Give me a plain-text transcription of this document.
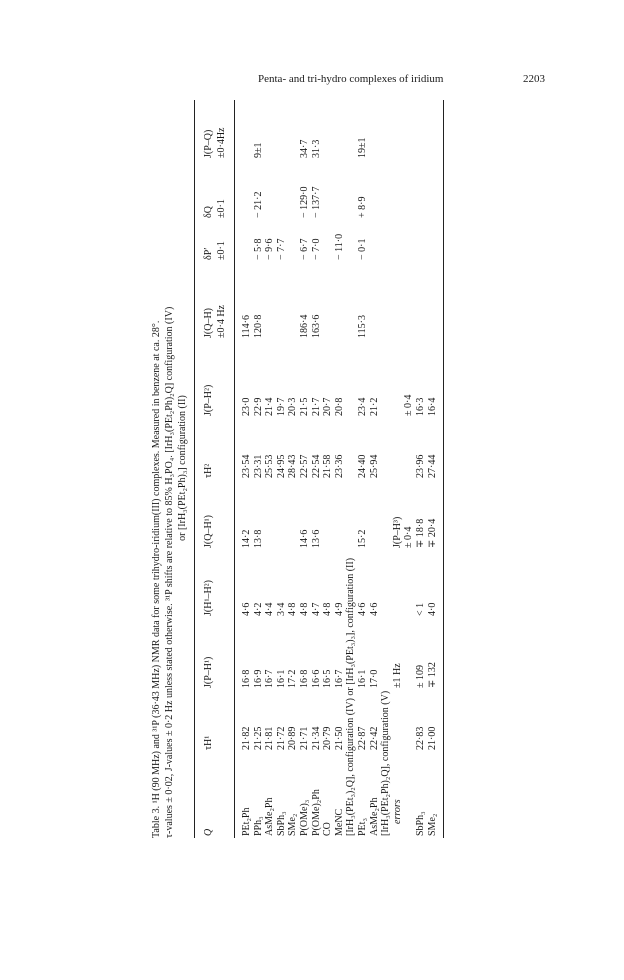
Penta- and tri-hydro complexes of iridium	2203
Table 3. ¹H (90 MHz) and ³¹P (36·43 MHz) NMR data for some trihydro-iridium(III) complexes. Measured in benzene at ca. 28°. τ-values ± 0·02, J-values ± 0·2 Hz unless stated otherwise. ³¹P shifts are relative to 85% H₃PO₄. [IrH₃(PEt₂Ph)₂Q] configuration (IV) or [IrH₃(PEt₂Ph)₃] configuration (II)
Q
τH¹
J(P–H¹)
J(H¹–H²)
J(Q–H¹)
τH²
J(P–H²)
J(Q–H)
δP′
δQ
J(P–Q)
±0·4 Hz
±0·1
±0·1
±0·4Hz
PEt₂Ph
21·82
16·8
4·6
14·2
23·54
23·0
114·6
PPh₃
21·25
16·9
4·2
13·8
23·31
22·9
120·8
− 5·8
− 21·2
9±1
AsMe₂Ph
21·81
16·7
4·4
25·53
21·4
− 9·6
SbPh₃
21·72
16·1
3·4
24·95
19·7
− 7·7
SMe₂
20·89
17·2
4·8
28·43
20·3
P(OMe)₃
21·71
16·8
4·8
14·6
22·57
21·5
186·4
− 6·7
− 129·0
34·7
P(OMe)₂Ph
21·34
16·6
4·7
13·6
22·54
21·7
163·6
− 7·0
− 137·7
31·3
CO
20·79
16·5
4·8
21·58
20·7
MeNC
21·50
16·7
4·9
23·36
20·8
− 11·0
[IrH₃(PEt₃)₂Q], configuration (IV) or [IrH₃(PEt₃)₃], configuration (II) PEt₃
22·87
16·1
4·6
15·2
24·40
23·4
115·3
− 0·1
+ 8·9
19±1
AsMe₂Ph
22·42
17·0
4·6
25·94
21·2
[IrH₃(PEt₂Ph)₂Q], configuration (V) errors
±1 Hz
J(P–H³) ± 0·4
± 0·4
SbPh₃
22·83
± 109
< 1
∓ 18·8
23·96
16·3
SMe₂
21·00
∓ 132
4·0
∓ 20·4
27·44
16·4
